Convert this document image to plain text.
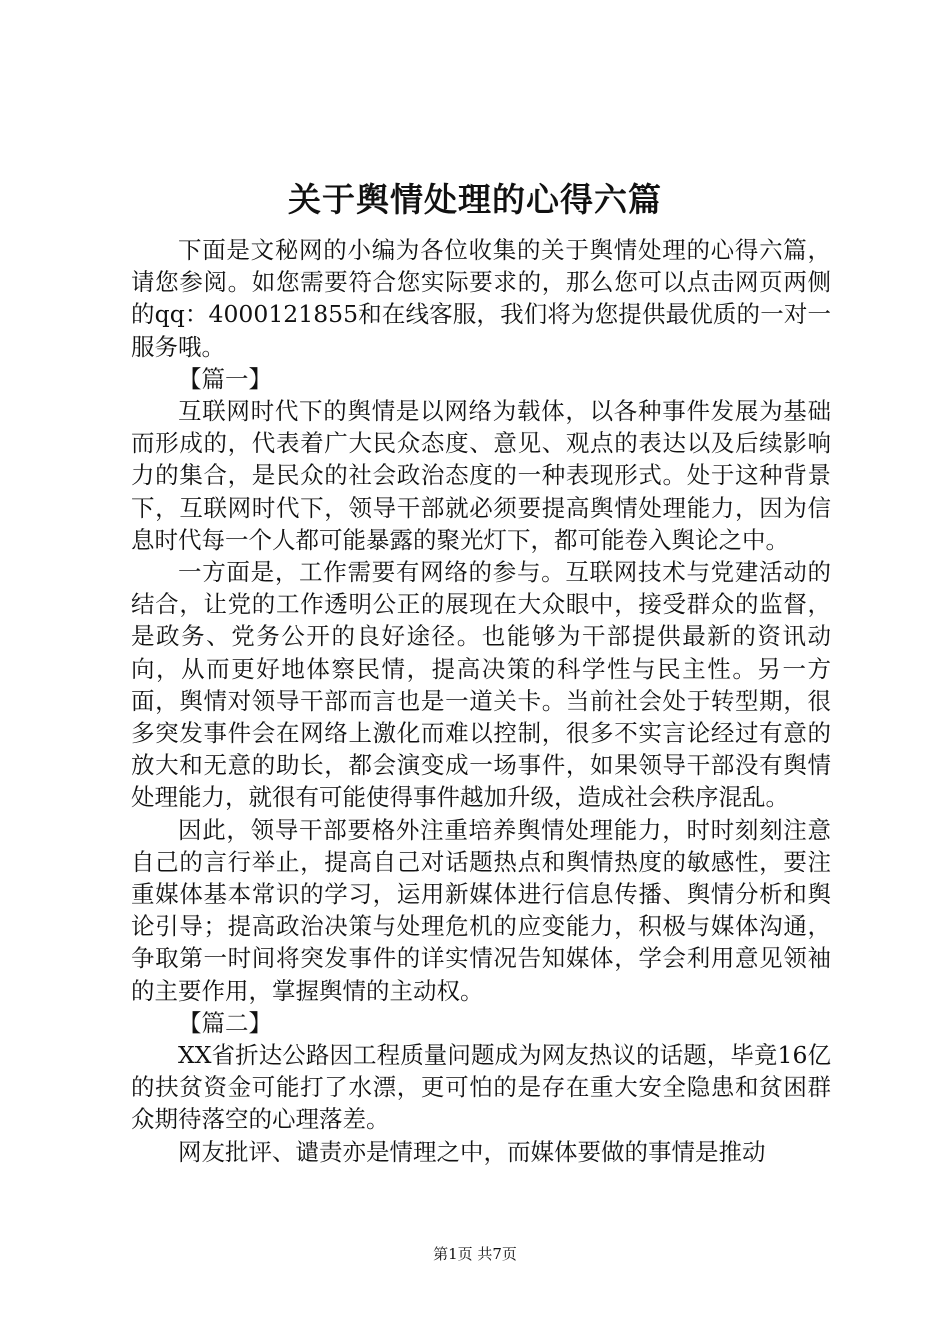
关于舆情处理的心得六篇

下面是文秘网的小编为各位收集的关于舆情处理的心得六篇，请您参阅。如您需要符合您实际要求的，那么您可以点击网页两侧的qq：4000121855和在线客服，我们将为您提供最优质的一对一服务哦。

【篇一】

互联网时代下的舆情是以网络为载体，以各种事件发展为基础而形成的，代表着广大民众态度、意见、观点的表达以及后续影响力的集合，是民众的社会政治态度的一种表现形式。处于这种背景下，互联网时代下，领导干部就必须要提高舆情处理能力，因为信息时代每一个人都可能暴露的聚光灯下，都可能卷入舆论之中。

一方面是，工作需要有网络的参与。互联网技术与党建活动的结合，让党的工作透明公正的展现在大众眼中，接受群众的监督，是政务、党务公开的良好途径。也能够为干部提供最新的资讯动向，从而更好地体察民情，提高决策的科学性与民主性。另一方面，舆情对领导干部而言也是一道关卡。当前社会处于转型期，很多突发事件会在网络上激化而难以控制，很多不实言论经过有意的放大和无意的助长，都会演变成一场事件，如果领导干部没有舆情处理能力，就很有可能使得事件越加升级，造成社会秩序混乱。

因此，领导干部要格外注重培养舆情处理能力，时时刻刻注意自己的言行举止，提高自己对话题热点和舆情热度的敏感性，要注重媒体基本常识的学习，运用新媒体进行信息传播、舆情分析和舆论引导；提高政治决策与处理危机的应变能力，积极与媒体沟通，争取第一时间将突发事件的详实情况告知媒体，学会利用意见领袖的主要作用，掌握舆情的主动权。

【篇二】

XX省折达公路因工程质量问题成为网友热议的话题，毕竟16亿的扶贫资金可能打了水漂，更可怕的是存在重大安全隐患和贫困群众期待落空的心理落差。

网友批评、谴责亦是情理之中，而媒体要做的事情是推动

第1页 共7页
